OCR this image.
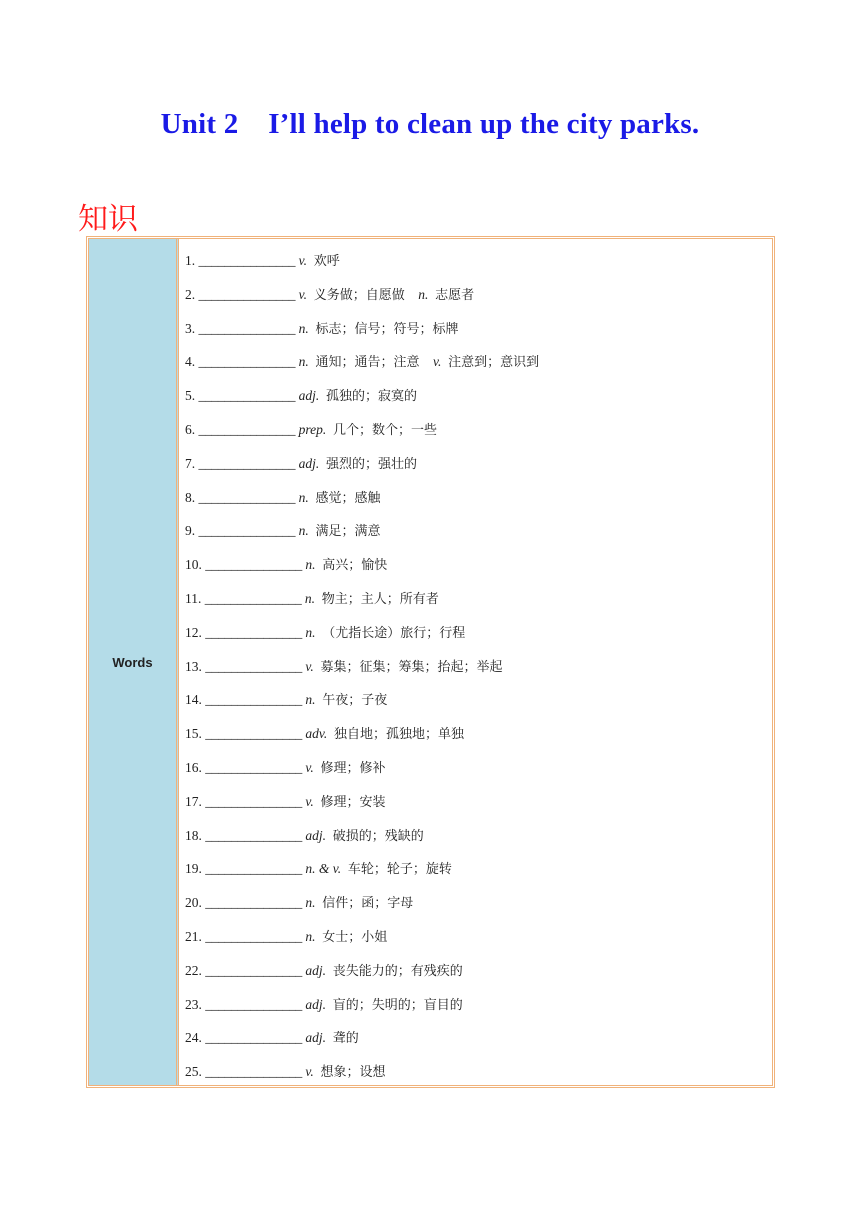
Unit 2    I’ll help to clean up the city parks.
知识
Words
1. _______________ v. 欢呼
2. _______________ v. 义务做；自愿做 n. 志愿者
3. _______________ n. 标志；信号；符号；标牌
4. _______________ n. 通知；通告；注意 v. 注意到；意识到
5. _______________ adj. 孤独的；寂寞的
6. _______________ prep. 几个；数个；一些
7. _______________ adj. 强烈的；强壮的
8. _______________ n. 感觉；感触
9. _______________ n. 满足；满意
10. _______________ n. 高兴；愉快
11. _______________ n. 物主；主人；所有者
12. _______________ n. （尤指长途）旅行；行程
13. _______________ v. 募集；征集；筹集；抬起；举起
14. _______________ n. 午夜；子夜
15. _______________ adv. 独自地；孤独地；单独
16. _______________ v. 修理；修补
17. _______________ v. 修理；安装
18. _______________ adj. 破损的；残缺的
19. _______________ n. & v. 车轮；轮子；旋转
20. _______________ n. 信件；函；字母
21. _______________ n. 女士；小姐
22. _______________ adj. 丧失能力的；有残疾的
23. _______________ adj. 盲的；失明的；盲目的
24. _______________ adj. 聋的
25. _______________ v. 想象；设想
